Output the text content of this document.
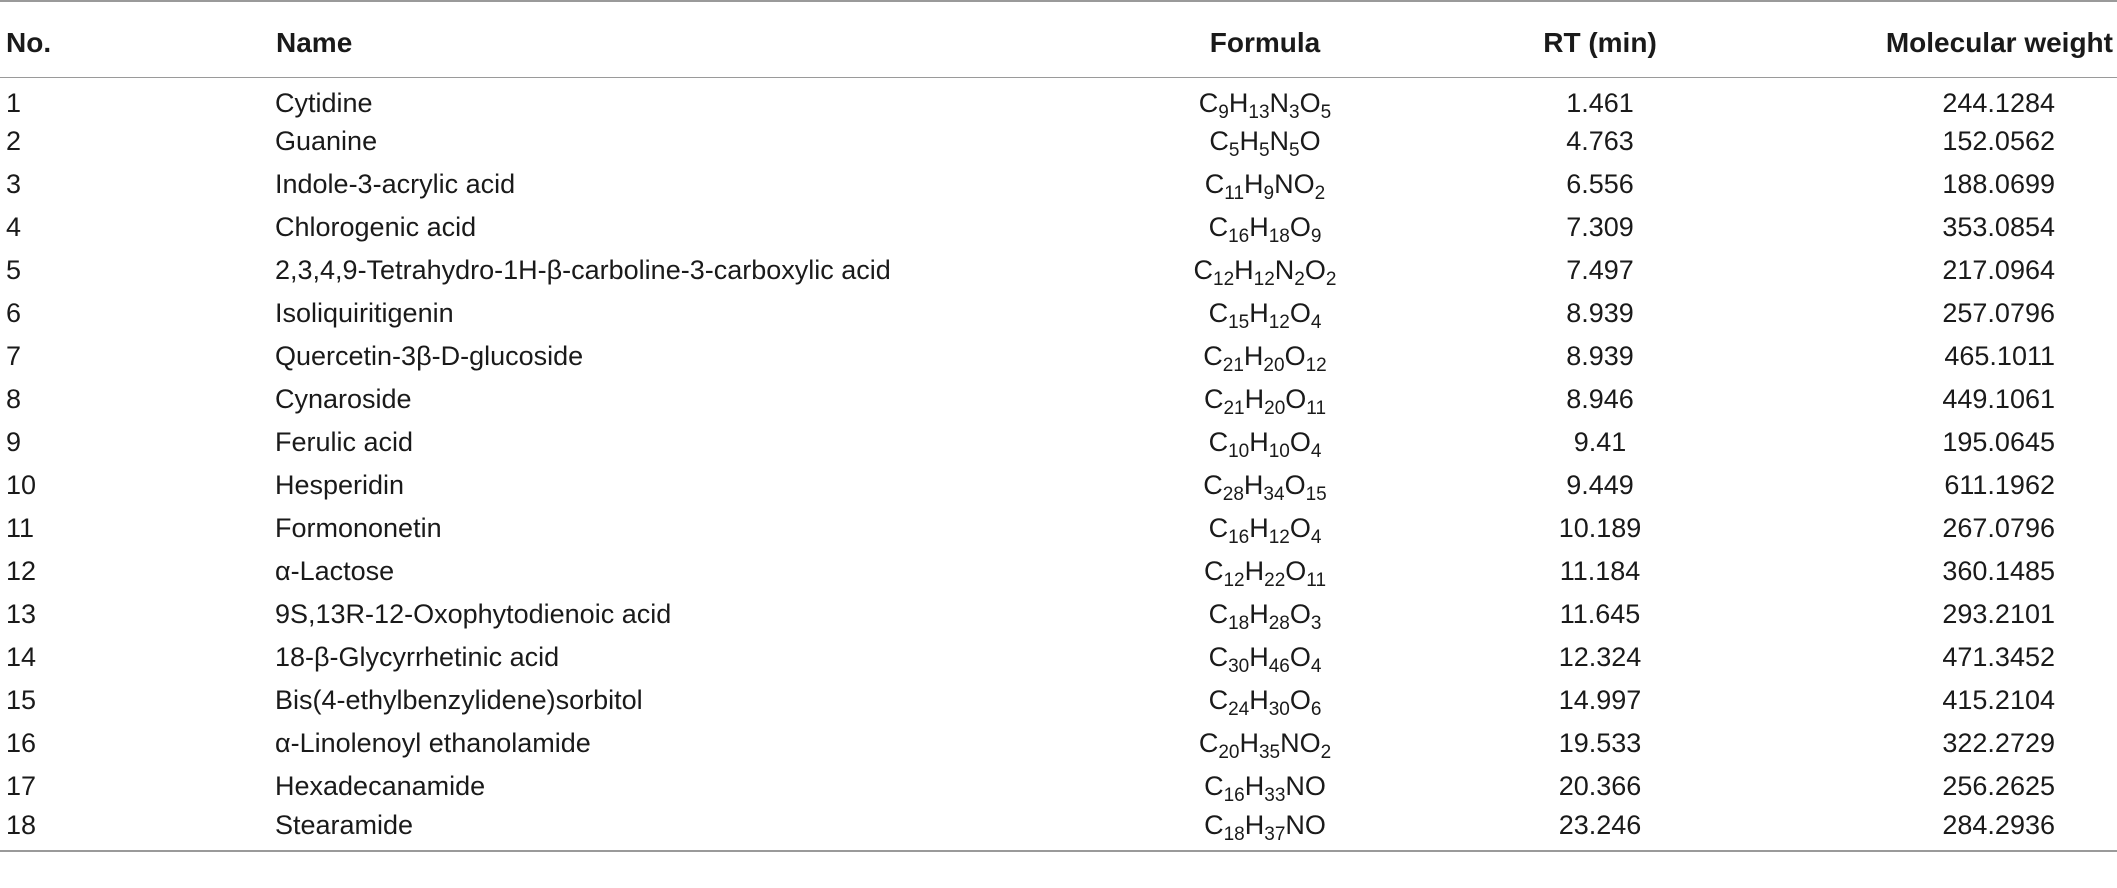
No.	Name	Formula	RT (min)	Molecular weight
1	Cytidine	$C_9H_{13}N_3O_5$	1.461	244.1284
2	Guanine	$C_5H_5N_5O$	4.763	152.0562
3	Indole-3-acrylic acid	$C_{11}H_9NO_2$	6.556	188.0699
4	Chlorogenic acid	$C_{16}H_{18}O_9$	7.309	353.0854
5	2,3,4,9-Tetrahydro-1H-β-carboline-3-carboxylic acid	$C_{12}H_{12}N_2O_2$	7.497	217.0964
6	Isoliquiritigenin	$C_{15}H_{12}O_4$	8.939	257.0796
7	Quercetin-3β-D-glucoside	$C_{21}H_{20}O_{12}$	8.939	465.1011
8	Cynaroside	$C_{21}H_{20}O_{11}$	8.946	449.1061
9	Ferulic acid	$C_{10}H_{10}O_4$	9.41	195.0645
10	Hesperidin	$C_{28}H_{34}O_{15}$	9.449	611.1962
11	Formononetin	$C_{16}H_{12}O_4$	10.189	267.0796
12	α-Lactose	$C_{12}H_{22}O_{11}$	11.184	360.1485
13	9S,13R-12-Oxophytodienoic acid	$C_{18}H_{28}O_3$	11.645	293.2101
14	18-β-Glycyrrhetinic acid	$C_{30}H_{46}O_4$	12.324	471.3452
15	Bis(4-ethylbenzylidene)sorbitol	$C_{24}H_{30}O_6$	14.997	415.2104
16	α-Linolenoyl ethanolamide	$C_{20}H_{35}NO_2$	19.533	322.2729
17	Hexadecanamide	$C_{16}H_{33}NO$	20.366	256.2625
18	Stearamide	$C_{18}H_{37}NO$	23.246	284.2936
